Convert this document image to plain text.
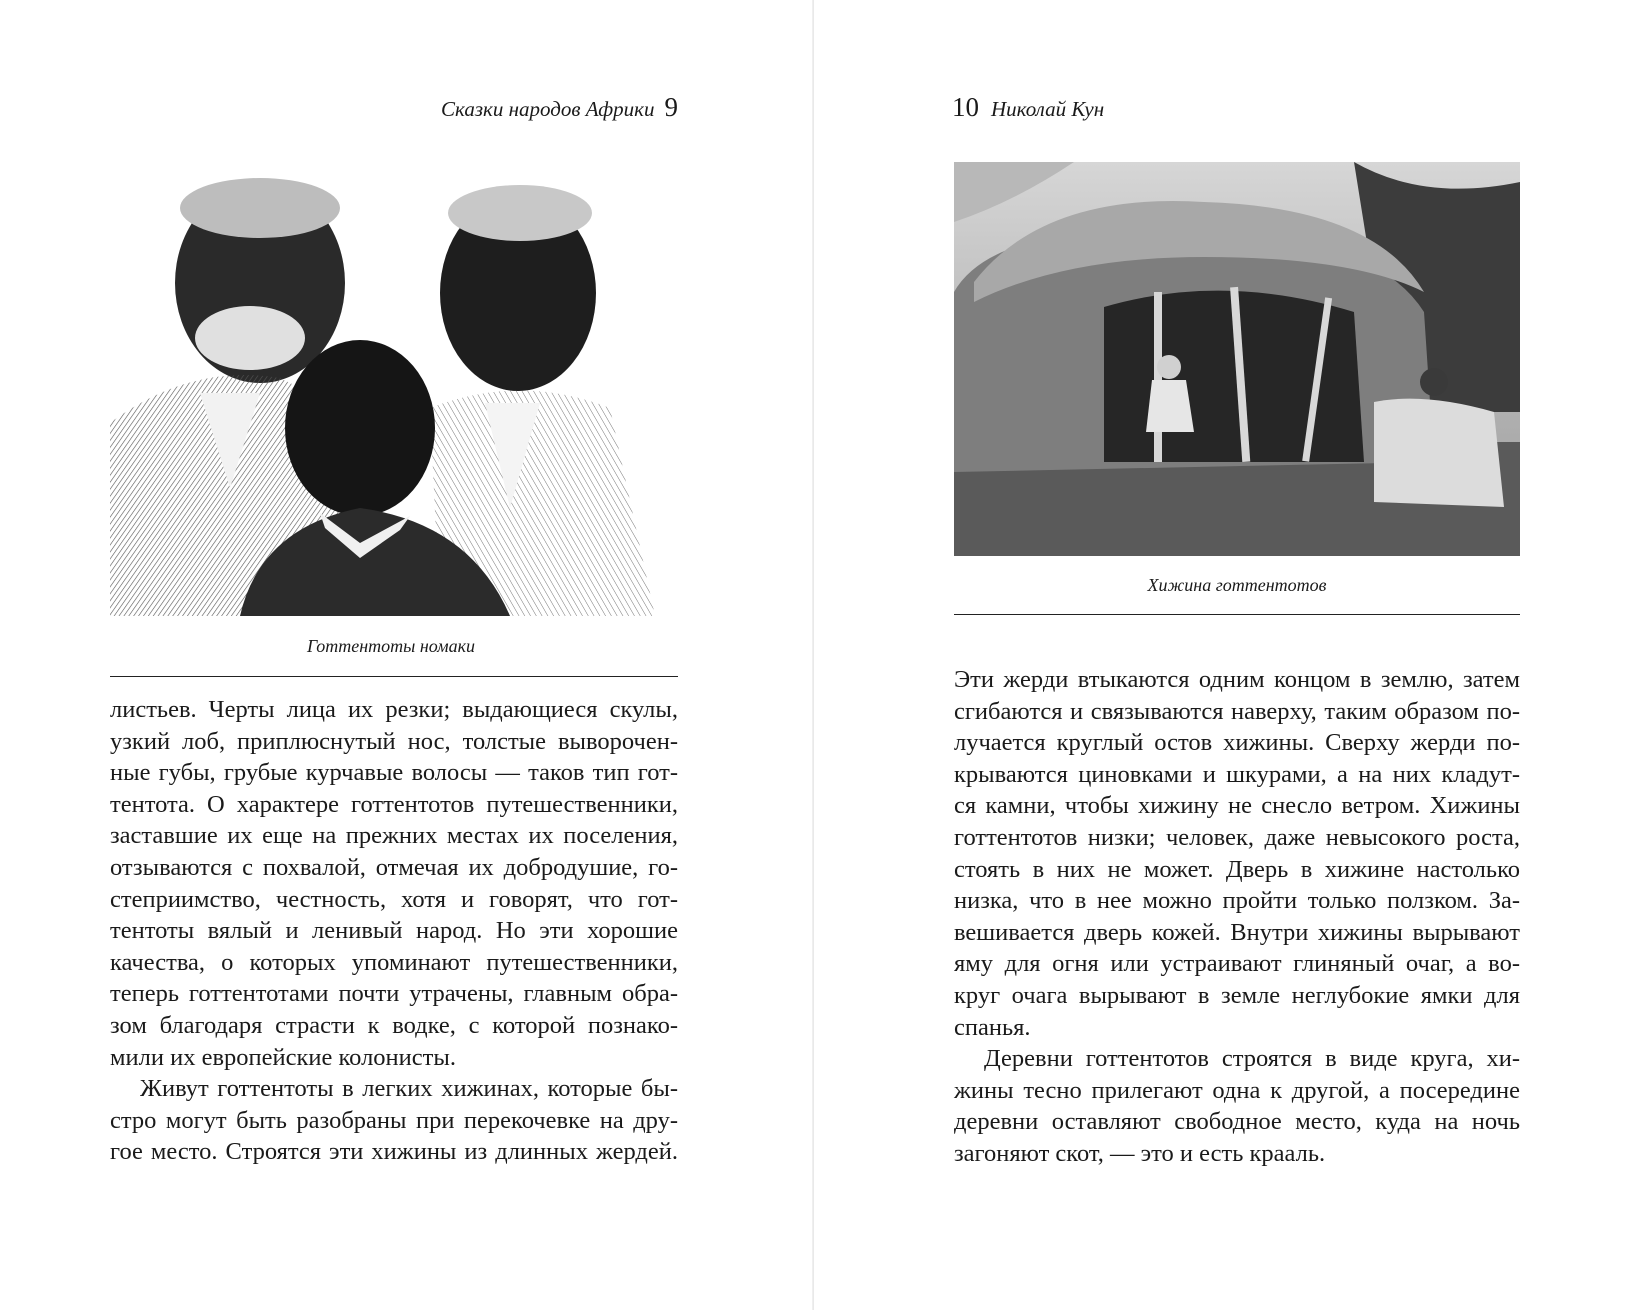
Сказки народов Африки 9
Готтентоты номаки
листьев. Черты лица их резки; выдающиеся скулы,
узкий лоб, приплюснутый нос, толстые выворочен-
ные губы, грубые курчавые волосы — таков тип гот-
тентота. О характере готтентотов путешественники,
заставшие их еще на прежних местах их поселения,
отзываются с похвалой, отмечая их добродушие, го-
степриимство, честность, хотя и говорят, что гот-
тентоты вялый и ленивый народ. Но эти хорошие
качества, о которых упоминают путешественники,
теперь готтентотами почти утрачены, главным обра-
зом благодаря страсти к водке, с которой познако-
мили их европейские колонисты.
Живут готтентоты в легких хижинах, которые бы-
стро могут быть разобраны при перекочевке на дру-
гое место. Строятся эти хижины из длинных жердей.
10 Николай Кун
Хижина готтентотов
Эти жерди втыкаются одним концом в землю, затем
сгибаются и связываются наверху, таким образом по-
лучается круглый остов хижины. Сверху жерди по-
крываются циновками и шкурами, а на них кладут-
ся камни, чтобы хижину не снесло ветром. Хижины
готтентотов низки; человек, даже невысокого роста,
стоять в них не может. Дверь в хижине настолько
низка, что в нее можно пройти только ползком. За-
вешивается дверь кожей. Внутри хижины вырывают
яму для огня или устраивают глиняный очаг, а во-
круг очага вырывают в земле неглубокие ямки для
спанья.
Деревни готтентотов строятся в виде круга, хи-
жины тесно прилегают одна к другой, а посередине
деревни оставляют свободное место, куда на ночь
загоняют скот, — это и есть крааль.
